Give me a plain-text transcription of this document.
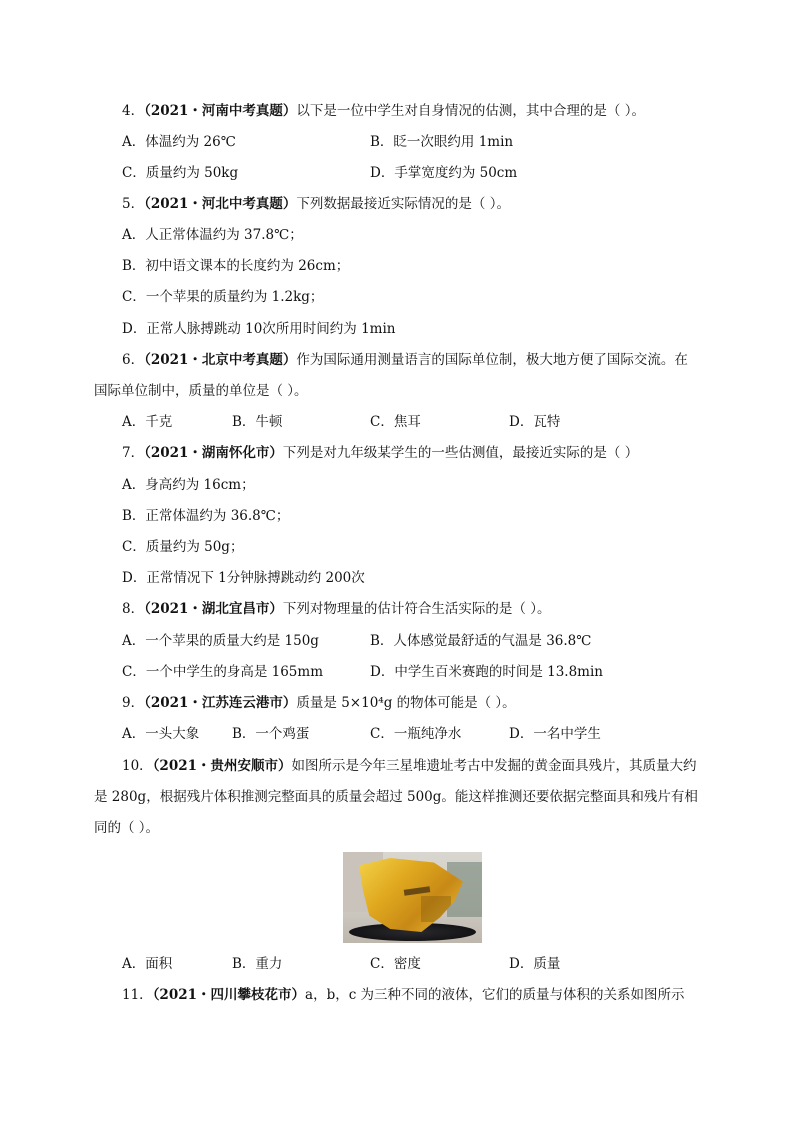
4．（2021・河南中考真题）以下是一位中学生对自身情况的估测，其中合理的是（ ）。
A．体温约为 26℃	B．眨一次眼约用 1min
C．质量约为 50kg	D．手掌宽度约为 50cm
5．（2021・河北中考真题）下列数据最接近实际情况的是（ ）。
A．人正常体温约为 37.8℃；
B．初中语文课本的长度约为 26cm；
C．一个苹果的质量约为 1.2kg；
D．正常人脉搏跳动 10次所用时间约为 1min
6．（2021・北京中考真题）作为国际通用测量语言的国际单位制，极大地方便了国际交流。在
国际单位制中，质量的单位是（ ）。
A．千克	B．牛顿	C．焦耳	D．瓦特
7．（2021・湖南怀化市）下列是对九年级某学生的一些估测值，最接近实际的是（ ）
A．身高约为 16cm；
B．正常体温约为 36.8℃；
C．质量约为 50g；
D．正常情况下 1分钟脉搏跳动约 200次
8．（2021・湖北宜昌市）下列对物理量的估计符合生活实际的是（ ）。
A．一个苹果的质量大约是 150g	B．人体感觉最舒适的气温是 36.8℃
C．一个中学生的身高是 165mm	D．中学生百米赛跑的时间是 13.8min
9．（2021・江苏连云港市）质量是 5×10⁴g 的物体可能是（ ）。
A．一头大象 B．一个鸡蛋	C．一瓶纯净水	D．一名中学生
10．（2021・贵州安顺市）如图所示是今年三星堆遗址考古中发掘的黄金面具残片，其质量大约
是 280g，根据残片体积推测完整面具的质量会超过 500g。能这样推测还要依据完整面具和残片有相
同的（ ）。
A．面积	B．重力	C．密度	D．质量
11．（2021・四川攀枝花市）a，b，c 为三种不同的液体，它们的质量与体积的关系如图所示
